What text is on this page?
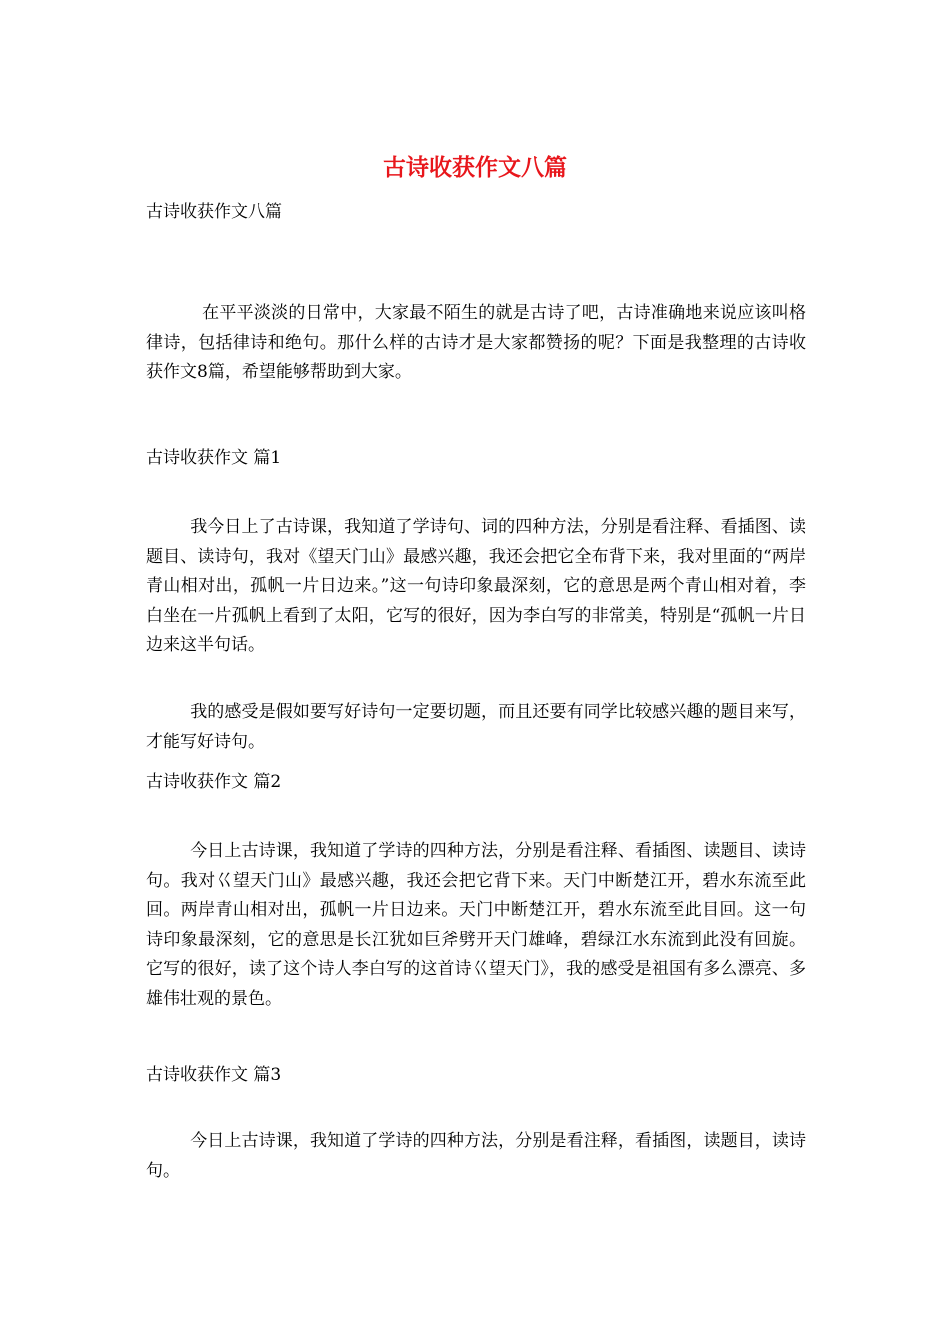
古诗收获作文八篇
古诗收获作文八篇

在平平淡淡的日常中，大家最不陌生的就是古诗了吧，古诗准确地来说应该叫格律诗，包括律诗和绝句。那什么样的古诗才是大家都赞扬的呢？下面是我整理的古诗收获作文8篇，希望能够帮助到大家。

古诗收获作文 篇1

我今日上了古诗课，我知道了学诗句、词的四种方法，分别是看注释、看插图、读题目、读诗句，我对《望天门山》最感兴趣，我还会把它全布背下来，我对里面的“两岸青山相对出，孤帆一片日边来。”这一句诗印象最深刻，它的意思是两个青山相对着，李白坐在一片孤帆上看到了太阳，它写的很好，因为李白写的非常美，特别是“孤帆一片日边来这半句话。

我的感受是假如要写好诗句一定要切题，而且还要有同学比较感兴趣的题目来写，才能写好诗句。

古诗收获作文 篇2

今日上古诗课，我知道了学诗的四种方法，分别是看注释、看插图、读题目、读诗句。我对巜望天门山》最感兴趣，我还会把它背下来。天门中断楚江开，碧水东流至此回。两岸青山相对出，孤帆一片日边来。天门中断楚江开，碧水东流至此目回。这一句诗印象最深刻，它的意思是长江犹如巨斧劈开天门雄峰，碧绿江水东流到此没有回旋。它写的很好，读了这个诗人李白写的这首诗巜望天门》，我的感受是祖国有多么漂亮、多雄伟壮观的景色。

古诗收获作文 篇3

今日上古诗课，我知道了学诗的四种方法，分别是看注释，看插图，读题目，读诗句。
